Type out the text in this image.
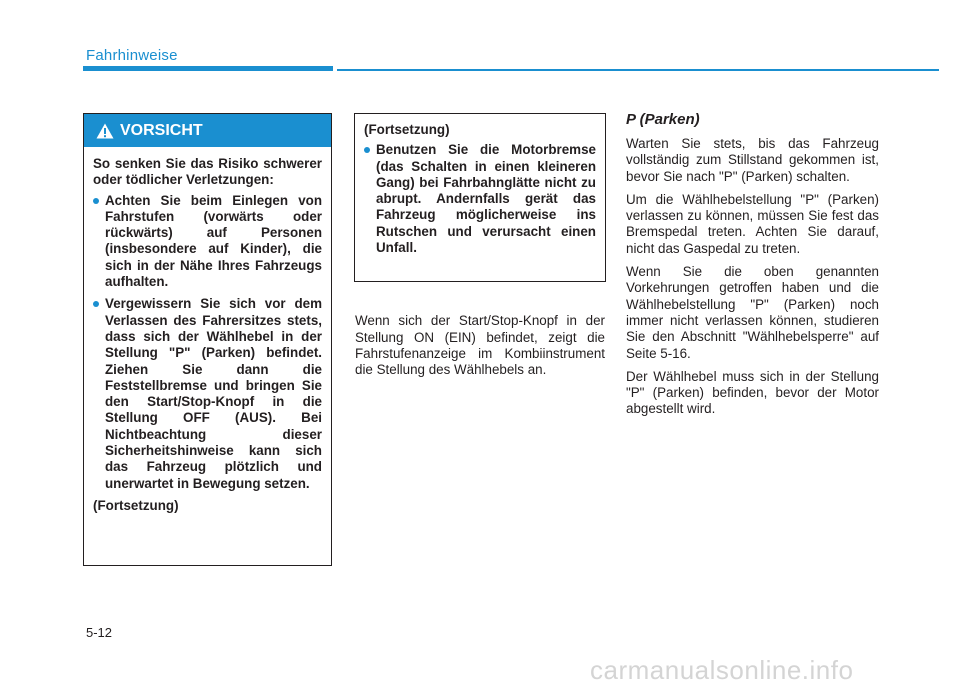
Fahrhinweise
VORSICHT

So senken Sie das Risiko schwerer oder tödlicher Verletzungen:

Achten Sie beim Einlegen von Fahrstufen (vorwärts oder rückwärts) auf Personen (insbesondere auf Kinder), die sich in der Nähe Ihres Fahrzeugs aufhalten.
Vergewissern Sie sich vor dem Verlassen des Fahrersitzes stets, dass sich der Wählhebel in der Stellung "P" (Parken) befindet. Ziehen Sie dann die Feststellbremse und bringen Sie den Start/Stop-Knopf in die Stellung OFF (AUS). Bei Nichtbeachtung dieser Sicherheitshinweise kann sich das Fahrzeug plötzlich und unerwartet in Bewegung setzen.

(Fortsetzung)

(Fortsetzung)

Benutzen Sie die Motorbremse (das Schalten in einen kleineren Gang) bei Fahrbahnglätte nicht zu abrupt. Andernfalls gerät das Fahrzeug möglicherweise ins Rutschen und verursacht einen Unfall.

Wenn sich der Start/Stop-Knopf in der Stellung ON (EIN) befindet, zeigt die Fahrstufenanzeige im Kombiinstrument die Stellung des Wählhebels an.

P (Parken)

Warten Sie stets, bis das Fahrzeug vollständig zum Stillstand gekommen ist, bevor Sie nach "P" (Parken) schalten.

Um die Wählhebelstellung "P" (Parken) verlassen zu können, müssen Sie fest das Bremspedal treten. Achten Sie darauf, nicht das Gaspedal zu treten.

Wenn Sie die oben genannten Vorkehrungen getroffen haben und die Wählhebelstellung "P" (Parken) noch immer nicht verlassen können, studieren Sie den Abschnitt "Wählhebelsperre" auf Seite 5-16.

Der Wählhebel muss sich in der Stellung "P" (Parken) befinden, bevor der Motor abgestellt wird.

5-12
carmanualsonline.info
